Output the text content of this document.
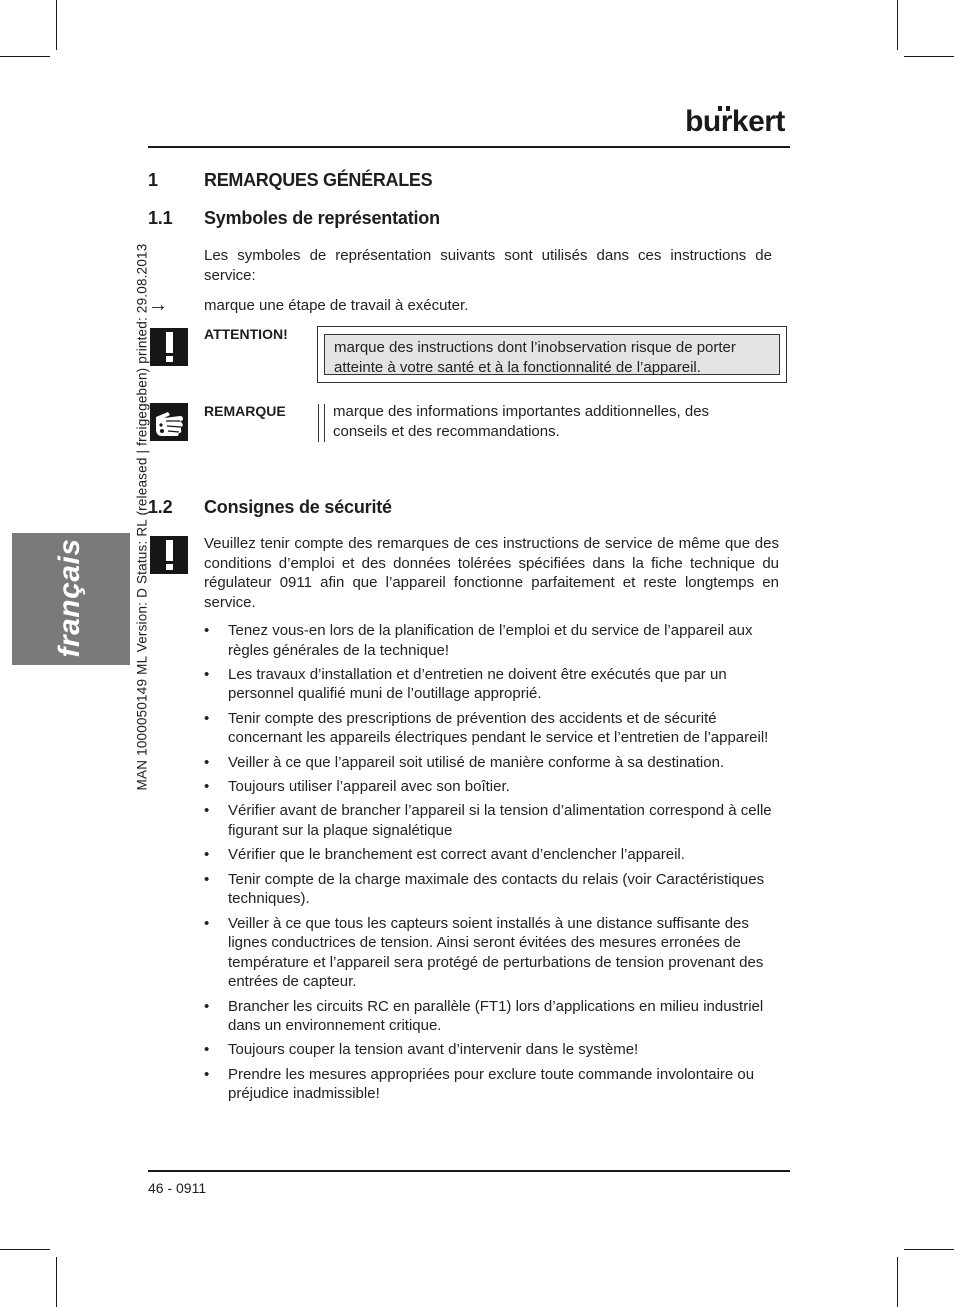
burkert
français	MAN 1000050149 ML Version: D Status: RL (released | freigegeben) printed: 29.08.2013
1	REMARQUES GÉNÉRALES
1.1 Symboles de représentation
Les symboles de représentation suivants sont utilisés dans ces instructions de service:
→ marque une étape de travail à exécuter.
ATTENTION!
marque des instructions dont l’inobservation risque de porter atteinte à votre santé et à la fonctionnalité de l’appareil.
REMARQUE	marque des informations importantes additionnelles, des conseils et des recommandations.
1.2 Consignes de sécurité
Veuillez tenir compte des remarques de ces instructions de service de même que des conditions d’emploi et des données tolérées spécifiées dans la fiche technique du régulateur 0911 afin que l’appareil fonctionne parfaitement et reste longtemps en service.
• Tenez vous-en lors de la planification de l’emploi et du service de l’appareil aux règles générales de la technique!
• Les travaux d’installation et d’entretien ne doivent être exécutés que par un personnel qualifié muni de l’outillage approprié.
• Tenir compte des prescriptions de prévention des accidents et de sécurité concernant les appareils électriques pendant le service et l’entretien de l’appareil!
• Veiller à ce que l’appareil soit utilisé de manière conforme à sa destination.
• Toujours utiliser l’appareil avec son boîtier.
• Vérifier avant de brancher l’appareil si la tension d’alimentation correspond à celle figurant sur la plaque signalétique
• Vérifier que le branchement est correct avant d’enclencher l’appareil.
• Tenir compte de la charge maximale des contacts du relais (voir Caractéristiques techniques).
• Veiller à ce que tous les capteurs soient installés à une distance suffisante des lignes conductrices de tension. Ainsi seront évitées des mesures erronées de température et l’appareil sera protégé de perturbations de tension provenant des entrées de capteur.
• Brancher les circuits RC en parallèle (FT1) lors d’applications en milieu industriel dans un environnement critique.
• Toujours couper la tension avant d’intervenir dans le système!
• Prendre les mesures appropriées pour exclure toute commande involontaire ou préjudice inadmissible!
46 - 0911
